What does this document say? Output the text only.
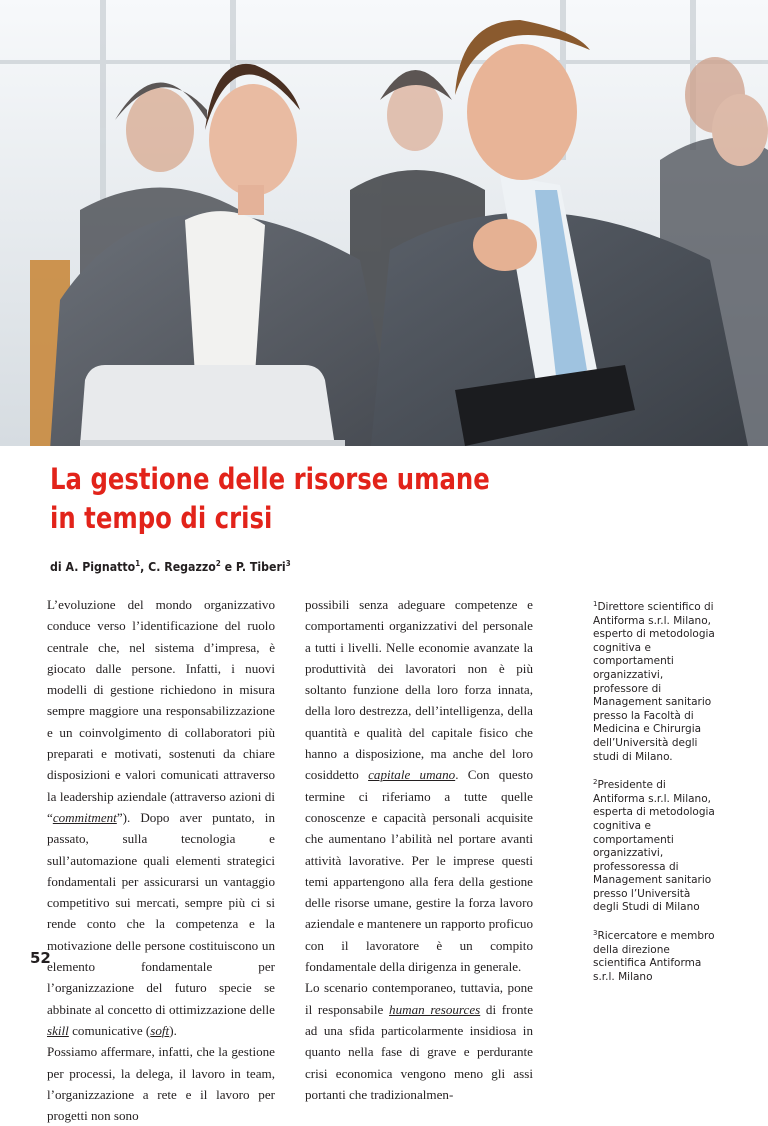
La gestione delle risorse umane
in tempo di crisi
di A. Pignatto$^1$, C. Regazzo$^2$ e P. Tiberi$^3$

L’evoluzione del mondo organizzativo conduce verso l’identificazione del ruolo centrale che, nel sistema d’impresa, è giocato dalle persone. Infatti, i nuovi modelli di gestione richiedono in misura sempre maggiore una responsabilizzazione e un coinvolgimento di collaboratori più preparati e motivati, sostenuti da chiare disposizioni e valori comunicati attraverso la leadership aziendale (attraverso azioni di “commitment”). Dopo aver puntato, in passato, sulla tecnologia e sull’automazione quali elementi strategici fondamentali per assicurarsi un vantaggio competitivo sui mercati, sempre più ci si rende conto che la competenza e la motivazione delle persone costituiscono un elemento fondamentale per l’organizzazione del futuro specie se abbinate al concetto di ottimizzazione delle skill comunicative (soft).

Possiamo affermare, infatti, che la gestione per processi, la delega, il lavoro in team, l’organizzazione a rete e il lavoro per progetti non sono

possibili senza adeguare competenze e comportamenti organizzativi del personale a tutti i livelli. Nelle economie avanzate la produttività dei lavoratori non è più soltanto funzione della loro forza innata, della loro destrezza, dell’intelligenza, della quantità e qualità del capitale fisico che hanno a disposizione, ma anche del loro cosiddetto capitale umano. Con questo termine ci riferiamo a tutte quelle conoscenze e capacità personali acquisite che aumentano l’abilità nel portare avanti attività lavorative. Per le imprese questi temi appartengono alla fera della gestione delle risorse umane, gestire la forza lavoro aziendale e mantenere un rapporto proficuo con il lavoratore è un compito fondamentale della dirigenza in generale.

Lo scenario contemporaneo, tuttavia, pone il responsabile human resources di fronte ad una sfida particolarmente insidiosa in quanto nella fase di grave e perdurante crisi economica vengono meno gli assi portanti che tradizionalmen-

$^1$Direttore scientifico di Antiforma s.r.l. Milano, esperto di metodologia cognitiva e comportamenti organizzativi, professore di Management sanitario presso la Facoltà di Medicina e Chirurgia dell’Università degli studi di Milano.

$^2$Presidente di Antiforma s.r.l. Milano, esperta di metodologia cognitiva e comportamenti organizzativi, professoressa di Management sanitario presso l’Università degli Studi di Milano

$^3$Ricercatore e membro della direzione scientifica Antiforma s.r.l. Milano

52
